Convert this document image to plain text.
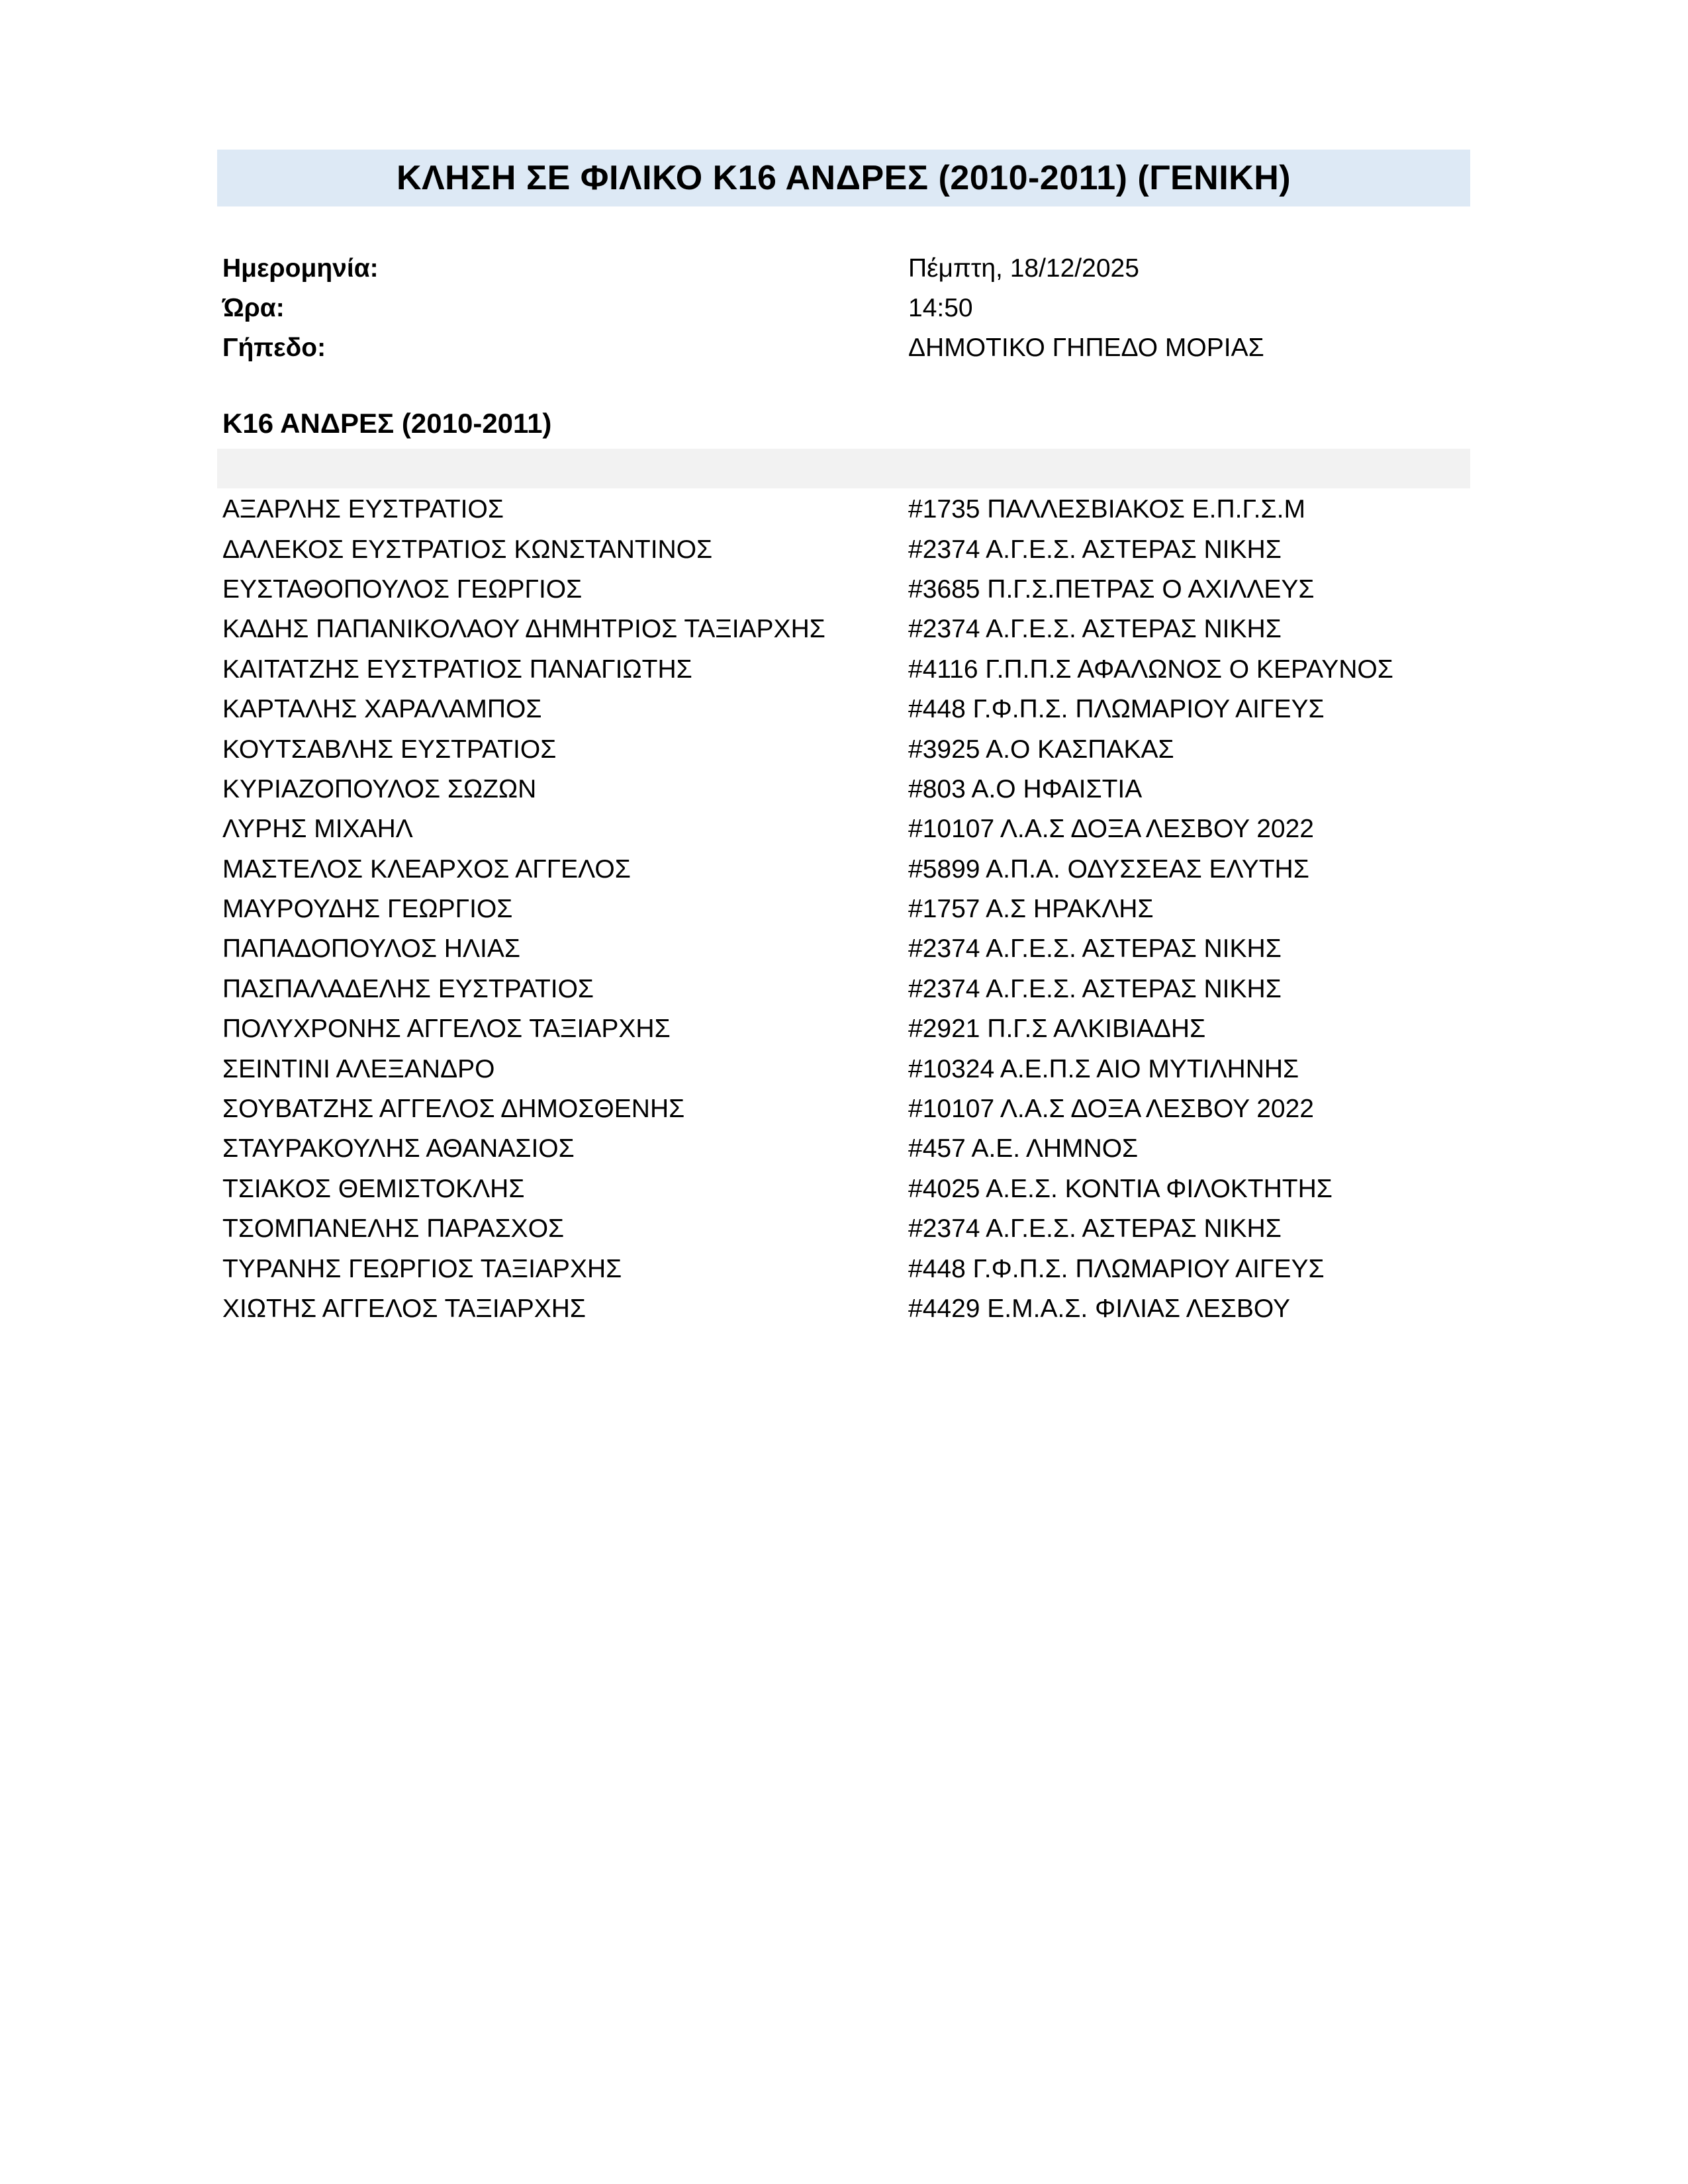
ΚΛΗΣΗ ΣΕ ΦΙΛΙΚΟ Κ16 ΑΝΔΡΕΣ (2010-2011) (ΓΕΝΙΚΗ)
Ημερομηνία:	Πέμπτη, 18/12/2025
Ώρα:	14:50
Γήπεδο:	ΔΗΜΟΤΙΚΟ ΓΗΠΕΔΟ ΜΟΡΙΑΣ
Κ16 ΑΝΔΡΕΣ (2010-2011)
ΑΞΑΡΛΗΣ ΕΥΣΤΡΑΤΙΟΣ	#1735 ΠΑΛΛΕΣΒΙΑΚΟΣ Ε.Π.Γ.Σ.Μ
ΔΑΛΕΚΟΣ ΕΥΣΤΡΑΤΙΟΣ ΚΩΝΣΤΑΝΤΙΝΟΣ	#2374 Α.Γ.Ε.Σ. ΑΣΤΕΡΑΣ ΝΙΚΗΣ
ΕΥΣΤΑΘΟΠΟΥΛΟΣ ΓΕΩΡΓΙΟΣ	#3685 Π.Γ.Σ.ΠΕΤΡΑΣ Ο ΑΧΙΛΛΕΥΣ
ΚΑΔΗΣ ΠΑΠΑΝΙΚΟΛΑΟΥ ΔΗΜΗΤΡΙΟΣ ΤΑΞΙΑΡΧΗΣ	#2374 Α.Γ.Ε.Σ. ΑΣΤΕΡΑΣ ΝΙΚΗΣ
ΚΑΙΤΑΤΖΗΣ ΕΥΣΤΡΑΤΙΟΣ ΠΑΝΑΓΙΩΤΗΣ	#4116 Γ.Π.Π.Σ ΑΦΑΛΩΝΟΣ Ο ΚΕΡΑΥΝΟΣ
ΚΑΡΤΑΛΗΣ ΧΑΡΑΛΑΜΠΟΣ	#448 Γ.Φ.Π.Σ. ΠΛΩΜΑΡΙΟΥ ΑΙΓΕΥΣ
ΚΟΥΤΣΑΒΛΗΣ ΕΥΣΤΡΑΤΙΟΣ	#3925 Α.Ο ΚΑΣΠΑΚΑΣ
ΚΥΡΙΑΖΟΠΟΥΛΟΣ ΣΩΖΩΝ	#803 Α.Ο ΗΦΑΙΣΤΙΑ
ΛΥΡΗΣ ΜΙΧΑΗΛ	#10107 Λ.Α.Σ ΔΟΞΑ ΛΕΣΒΟΥ 2022
ΜΑΣΤΕΛΟΣ ΚΛΕΑΡΧΟΣ ΑΓΓΕΛΟΣ	#5899 Α.Π.Α. ΟΔΥΣΣΕΑΣ ΕΛΥΤΗΣ
ΜΑΥΡΟΥΔΗΣ ΓΕΩΡΓΙΟΣ	#1757 Α.Σ ΗΡΑΚΛΗΣ
ΠΑΠΑΔΟΠΟΥΛΟΣ ΗΛΙΑΣ	#2374 Α.Γ.Ε.Σ. ΑΣΤΕΡΑΣ ΝΙΚΗΣ
ΠΑΣΠΑΛΑΔΕΛΗΣ ΕΥΣΤΡΑΤΙΟΣ	#2374 Α.Γ.Ε.Σ. ΑΣΤΕΡΑΣ ΝΙΚΗΣ
ΠΟΛΥΧΡΟΝΗΣ ΑΓΓΕΛΟΣ ΤΑΞΙΑΡΧΗΣ	#2921 Π.Γ.Σ ΑΛΚΙΒΙΑΔΗΣ
ΣΕΙΝΤΙΝΙ ΑΛΕΞΑΝΔΡΟ	#10324 Α.Ε.Π.Σ ΑΙΟ ΜΥΤΙΛΗΝΗΣ
ΣΟΥΒΑΤΖΗΣ ΑΓΓΕΛΟΣ ΔΗΜΟΣΘΕΝΗΣ	#10107 Λ.Α.Σ ΔΟΞΑ ΛΕΣΒΟΥ 2022
ΣΤΑΥΡΑΚΟΥΛΗΣ ΑΘΑΝΑΣΙΟΣ	#457 Α.Ε. ΛΗΜΝΟΣ
ΤΣΙΑΚΟΣ ΘΕΜΙΣΤΟΚΛΗΣ	#4025 Α.Ε.Σ. ΚΟΝΤΙΑ ΦΙΛΟΚΤΗΤΗΣ
ΤΣΟΜΠΑΝΕΛΗΣ ΠΑΡΑΣΧΟΣ	#2374 Α.Γ.Ε.Σ. ΑΣΤΕΡΑΣ ΝΙΚΗΣ
ΤΥΡΑΝΗΣ ΓΕΩΡΓΙΟΣ ΤΑΞΙΑΡΧΗΣ	#448 Γ.Φ.Π.Σ. ΠΛΩΜΑΡΙΟΥ ΑΙΓΕΥΣ
ΧΙΩΤΗΣ ΑΓΓΕΛΟΣ ΤΑΞΙΑΡΧΗΣ	#4429 Ε.Μ.Α.Σ. ΦΙΛΙΑΣ ΛΕΣΒΟΥ
